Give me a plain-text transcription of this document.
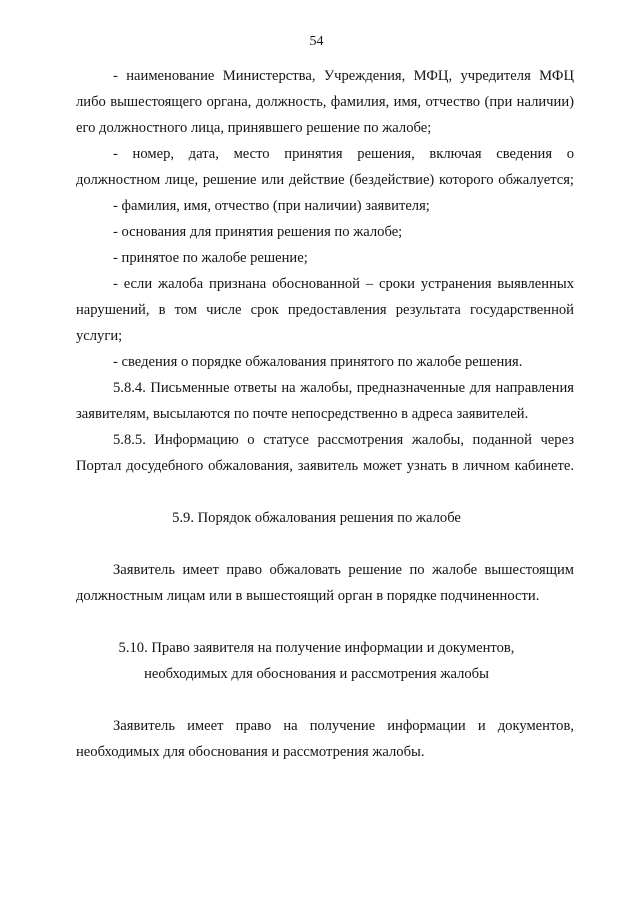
54
- наименование Министерства, Учреждения, МФЦ, учредителя МФЦ
либо вышестоящего органа, должность, фамилия, имя, отчество (при наличии)
его должностного лица, принявшего решение по жалобе;
- номер, дата, место принятия решения, включая сведения о
должностном лице, решение или действие (бездействие) которого обжалуется;
- фамилия, имя, отчество (при наличии) заявителя;
- основания для принятия решения по жалобе;
- принятое по жалобе решение;
- если жалоба признана обоснованной – сроки устранения выявленных
нарушений, в том числе срок предоставления результата государственной
услуги;
- сведения о порядке обжалования принятого по жалобе решения.
5.8.4. Письменные ответы на жалобы, предназначенные для направления
заявителям, высылаются по почте непосредственно в адреса заявителей.
5.8.5. Информацию о статусе рассмотрения жалобы, поданной через
Портал досудебного обжалования, заявитель может узнать в личном кабинете.
5.9. Порядок обжалования решения по жалобе
Заявитель имеет право обжаловать решение по жалобе вышестоящим
должностным лицам или в вышестоящий орган в порядке подчиненности.
5.10. Право заявителя на получение информации и документов,
необходимых для обоснования и рассмотрения жалобы
Заявитель имеет право на получение информации и документов,
необходимых для обоснования и рассмотрения жалобы.
